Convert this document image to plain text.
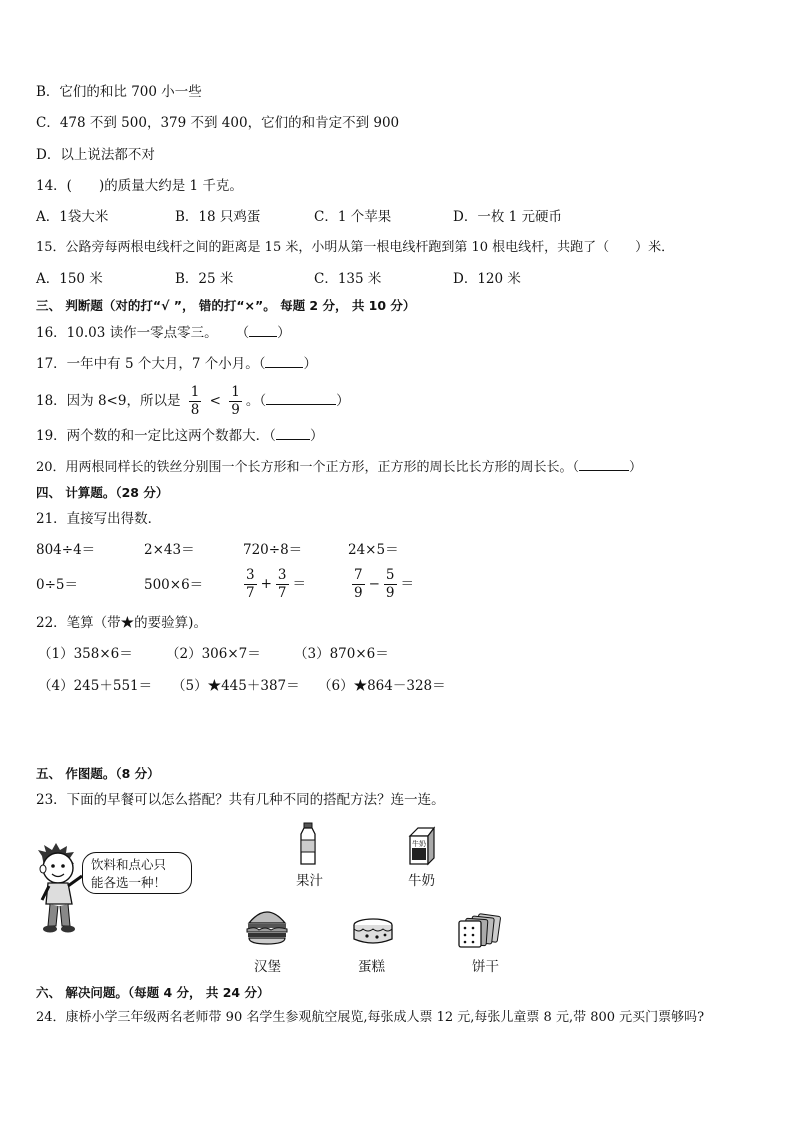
B．它们的和比 700 小一些
C．478 不到 500，379 不到 400，它们的和肯定不到 900
D．以上说法都不对
14．(　　)的质量大约是 1 千克。
A．1袋大米	B．18 只鸡蛋	C．1 个苹果	D．一枚 1 元硬币
15．公路旁每两根电线杆之间的距离是 15 米，小明从第一根电线杆跑到第 10 根电线杆，共跑了（　　）米．
A．150 米	B．25 米	C．135 米	D．120 米
三、 判断题（对的打“√ ”， 错的打“×”。 每题 2 分， 共 10 分）
16．10.03 读作一零点零三。 （ ）
17．一年中有 5 个大月，7 个小月。（	）
18．因为 8<9，所以是 $\frac{1}{8} < \frac{1}{9}$ 。（	）
19．两个数的和一定比这两个数都大．（	）
20．用两根同样长的铁丝分别围一个长方形和一个正方形，正方形的周长比长方形的周长长。（	）
四、 计算题。（28 分）
21．直接写出得数．
804÷4＝	2×43＝	720÷8＝	24×5＝
0÷5＝	500×6＝	$\frac{3}{7} + \frac{3}{7}$ ＝	$\frac{7}{9} - \frac{5}{9}$ ＝
22．笔算（带★的要验算)。
（1）358×6＝ （2）306×7＝ （3）870×6＝
（4）245＋551＝ （5）★445＋387＝ （6）★864－328＝
五、 作图题。（8 分）
23．下面的早餐可以怎么搭配？共有几种不同的搭配方法？连一连。
饮料和点心只
能各选一种！	果汁
牛奶
牛奶
汉堡	蛋糕	饼干
六、 解决问题。（每题 4 分， 共 24 分）
24．康桥小学三年级两名老师带 90 名学生参观航空展览,每张成人票 12 元,每张儿童票 8 元,带 800 元买门票够吗?
